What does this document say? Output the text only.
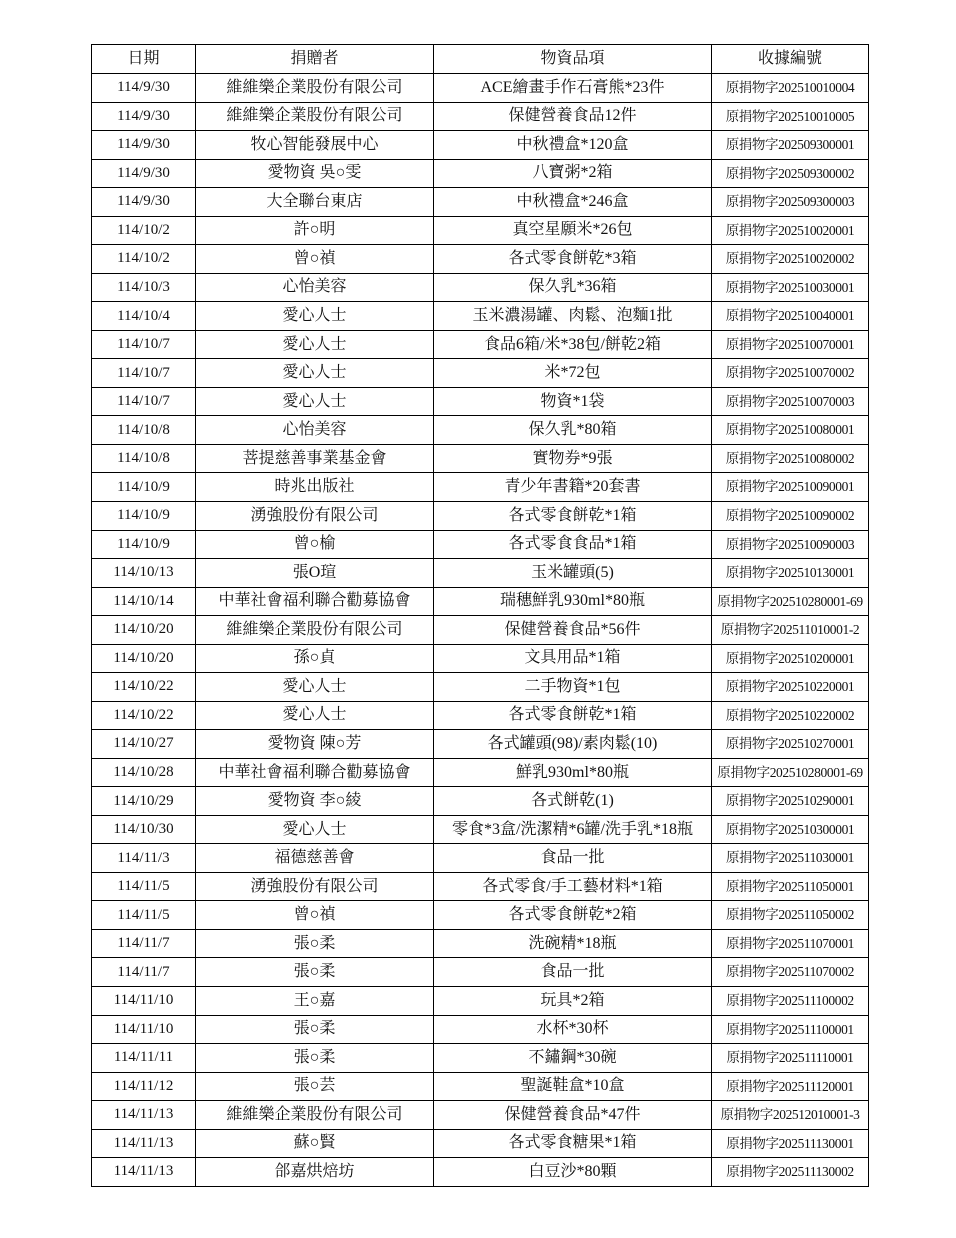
日期	捐贈者	物資品項	收據編號
114/9/30	維維樂企業股份有限公司	ACE繪畫手作石膏熊*23件	原捐物字202510010004
114/9/30	維維樂企業股份有限公司	保健營養食品12件	原捐物字202510010005
114/9/30	牧心智能發展中心	中秋禮盒*120盒	原捐物字202509300001
114/9/30	愛物資 吳○雯	八寶粥*2箱	原捐物字202509300002
114/9/30	大全聯台東店	中秋禮盒*246盒	原捐物字202509300003
114/10/2	許○明	真空星願米*26包	原捐物字202510020001
114/10/2	曾○禎	各式零食餅乾*3箱	原捐物字202510020002
114/10/3	心怡美容	保久乳*36箱	原捐物字202510030001
114/10/4	愛心人士	玉米濃湯罐、肉鬆、泡麵1批	原捐物字202510040001
114/10/7	愛心人士	食品6箱/米*38包/餅乾2箱	原捐物字202510070001
114/10/7	愛心人士	米*72包	原捐物字202510070002
114/10/7	愛心人士	物資*1袋	原捐物字202510070003
114/10/8	心怡美容	保久乳*80箱	原捐物字202510080001
114/10/8	菩提慈善事業基金會	實物券*9張	原捐物字202510080002
114/10/9	時兆出版社	青少年書籍*20套書	原捐物字202510090001
114/10/9	湧強股份有限公司	各式零食餅乾*1箱	原捐物字202510090002
114/10/9	曾○榆	各式零食食品*1箱	原捐物字202510090003
114/10/13	張O瑄	玉米罐頭(5)	原捐物字202510130001
114/10/14	中華社會福利聯合勸募協會	瑞穗鮮乳930ml*80瓶	原捐物字202510280001-69
114/10/20	維維樂企業股份有限公司	保健營養食品*56件	原捐物字202511010001-2
114/10/20	孫○貞	文具用品*1箱	原捐物字202510200001
114/10/22	愛心人士	二手物資*1包	原捐物字202510220001
114/10/22	愛心人士	各式零食餅乾*1箱	原捐物字202510220002
114/10/27	愛物資 陳○芳	各式罐頭(98)/素肉鬆(10)	原捐物字202510270001
114/10/28	中華社會福利聯合勸募協會	鮮乳930ml*80瓶	原捐物字202510280001-69
114/10/29	愛物資 李○綾	各式餅乾(1)	原捐物字202510290001
114/10/30	愛心人士	零食*3盒/洗潔精*6罐/洗手乳*18瓶	原捐物字202510300001
114/11/3	福德慈善會	食品一批	原捐物字202511030001
114/11/5	湧強股份有限公司	各式零食/手工藝材料*1箱	原捐物字202511050001
114/11/5	曾○禎	各式零食餅乾*2箱	原捐物字202511050002
114/11/7	張○柔	洗碗精*18瓶	原捐物字202511070001
114/11/7	張○柔	食品一批	原捐物字202511070002
114/11/10	王○嘉	玩具*2箱	原捐物字202511100002
114/11/10	張○柔	水杯*30杯	原捐物字202511100001
114/11/11	張○柔	不鏽鋼*30碗	原捐物字202511110001
114/11/12	張○芸	聖誕鞋盒*10盒	原捐物字202511120001
114/11/13	維維樂企業股份有限公司	保健營養食品*47件	原捐物字202512010001-3
114/11/13	蘇○賢	各式零食糖果*1箱	原捐物字202511130001
114/11/13	郃嘉烘焙坊	白豆沙*80顆	原捐物字202511130002
